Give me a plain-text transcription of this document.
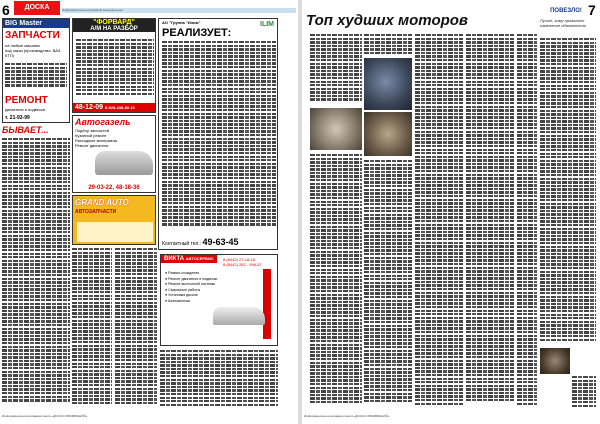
6	ДОСКА	Информационно-рекламный еженедельник
BIG Master
ЗАПЧАСТИ
на любые машины
под заказ (производство: ВАЗ, КТП)
РЕМОНТ
двигателя и подвески
т. 21-93-99
"ФОРВАРД"
А/М НА РАЗБОР
48-12-09 8-928-438-80-10
АО "Группа "Илим"	ILIM
РЕАЛИЗУЕТ:
Контактный тел.: 49-63-45
БЫВАЕТ...
Автогазель
Подбор запчастей
Кузовной ремонт
Расходные материалы
Ремонт двигателя
29-03-22, 48-18-36
GRAND AUTO
АВТОЗАПЧАСТИ
ВИКТА АВТОСЕРВИС	8 (8442) 27-18-16
8 (8442) 262 - 996-57
● Развал-схождение
● Ремонт двигателя и подвески
● Ремонт выхлопной системы
● Сварочные работы
● Установка дисков
● Шиномонтаж
Информационно-рекламная газета «ДОСКА ОБЪЯВЛЕНИЙ»
Топ худших моторов
ПОВЕЗЛО! 7
Лучше, кому привалило изменение обязательно
Информационно-рекламная газета «ДОСКА ОБЪЯВЛЕНИЙ»
